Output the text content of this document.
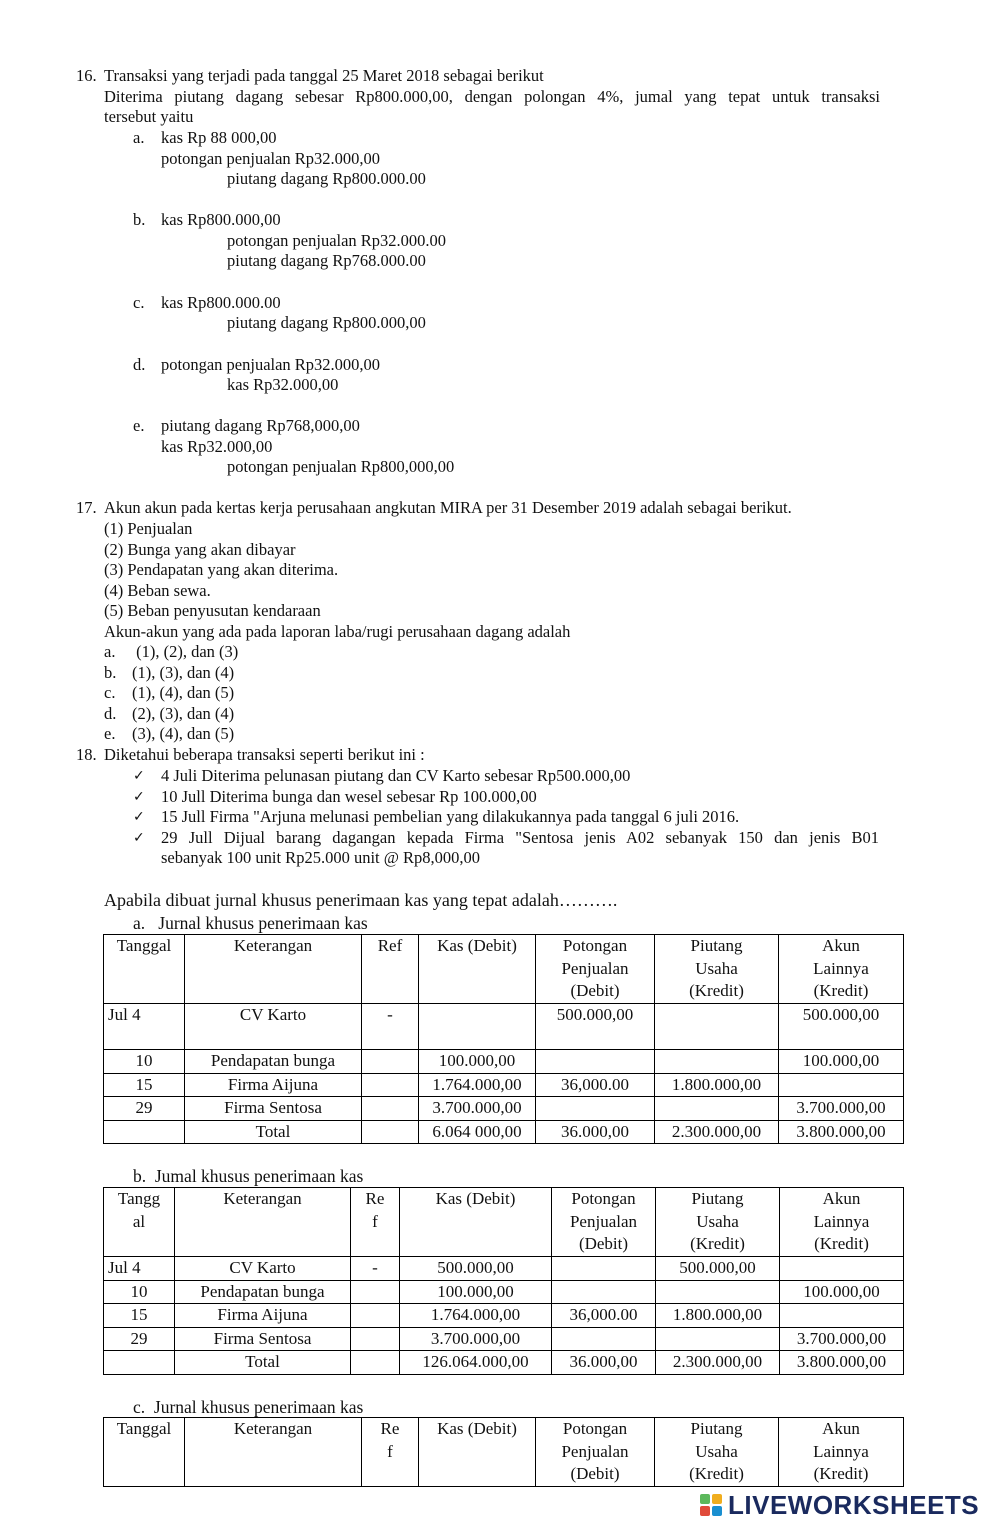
16. Transaksi yang terjadi pada tanggal 25 Maret 2018 sebagai berikut
Diterima piutang dagang sebesar Rp800.000,00, dengan polongan 4%, jumal yang tepat untuk transaksi
tersebut yaitu
a. kas Rp 88 000,00
potongan penjualan Rp32.000,00
piutang dagang Rp800.000.00
b. kas Rp800.000,00
potongan penjualan Rp32.000.00
piutang dagang Rp768.000.00
c. kas Rp800.000.00
piutang dagang Rp800.000,00
d. potongan penjualan Rp32.000,00
kas Rp32.000,00
e. piutang dagang Rp768,000,00
kas Rp32.000,00
potongan penjualan Rp800,000,00
17. Akun akun pada kertas kerja perusahaan angkutan MIRA per 31 Desember 2019 adalah sebagai berikut.
(1) Penjualan
(2) Bunga yang akan dibayar
(3) Pendapatan yang akan diterima.
(4) Beban sewa.
(5) Beban penyusutan kendaraan
Akun-akun yang ada pada laporan laba/rugi perusahaan dagang adalah
a. (1), (2), dan (3)
b. (1), (3), dan (4)
c. (1), (4), dan (5)
d. (2), (3), dan (4)
e. (3), (4), dan (5)
18. Diketahui beberapa transaksi seperti berikut ini :
✓ 4 Juli Diterima pelunasan piutang dan CV Karto sebesar Rp500.000,00
✓ 10 Jull Diterima bunga dan wesel sebesar Rp 100.000,00
✓ 15 Jull Firma "Arjuna melunasi pembelian yang dilakukannya pada tanggal 6 juli 2016.
✓ 29 Jull Dijual barang dagangan kepada Firma "Sentosa jenis A02 sebanyak 150 dan jenis B01
sebanyak 100 unit Rp25.000 unit @ Rp8,000,00
Apabila dibuat jurnal khusus penerimaan kas yang tepat adalah……….
a.   Jurnal khusus penerimaan kas
Tanggal	Keterangan	Ref	Kas (Debit)	Potongan
Penjualan
(Debit)	Piutang
Usaha
(Kredit)	Akun
Lainnya
(Kredit)
Jul 4	CV Karto	-		500.000,00		500.000,00
10	Pendapatan bunga		100.000,00			100.000,00
15	Firma Aijuna		1.764.000,00	36,000.00	1.800.000,00	
29	Firma Sentosa		3.700.000,00			3.700.000,00
	Total		6.064 000,00	36.000,00	2.300.000,00	3.800.000,00
b.  Jumal khusus penerimaan kas
Tangg
al	Keterangan	Re
f	Kas (Debit)	Potongan
Penjualan
(Debit)	Piutang
Usaha
(Kredit)	Akun
Lainnya
(Kredit)
Jul 4	CV Karto	-	500.000,00		500.000,00	
10	Pendapatan bunga		100.000,00			100.000,00
15	Firma Aijuna		1.764.000,00	36,000.00	1.800.000,00	
29	Firma Sentosa		3.700.000,00			3.700.000,00
	Total		126.064.000,00	36.000,00	2.300.000,00	3.800.000,00
c.  Jurnal khusus penerimaan kas
Tanggal	Keterangan	Re
f	Kas (Debit)	Potongan
Penjualan
(Debit)	Piutang
Usaha
(Kredit)	Akun
Lainnya
(Kredit)
LIVEWORKSHEETS
